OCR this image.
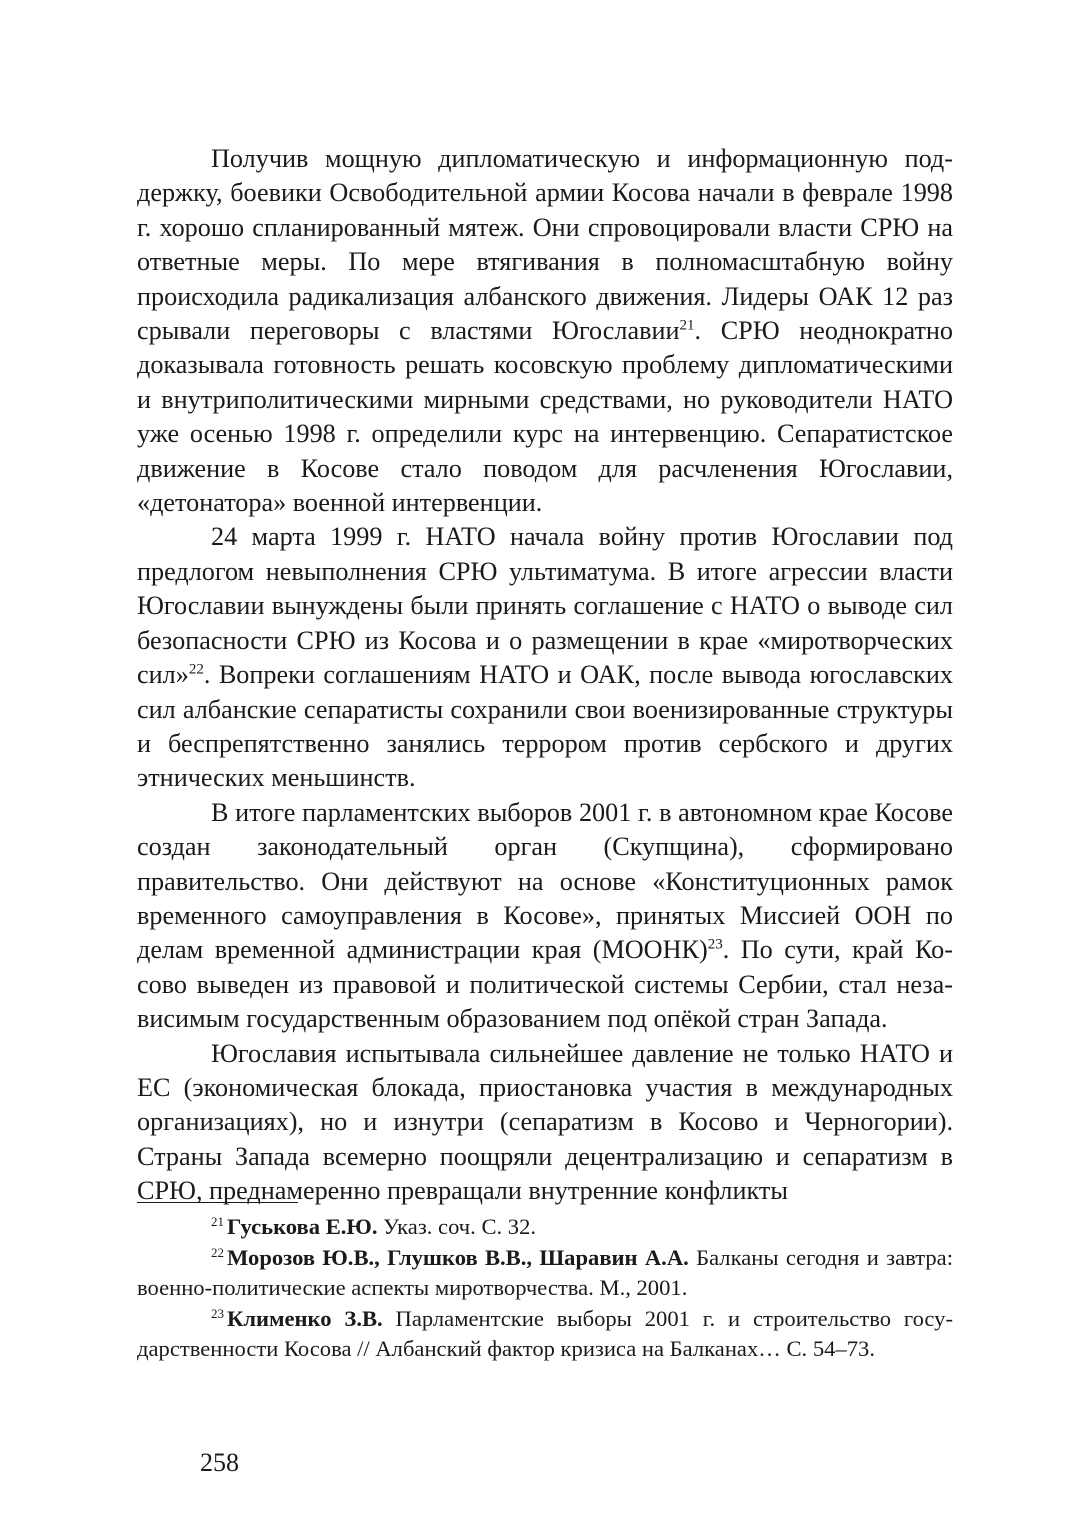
Получив мощную дипломатическую и информационную поддержку, боевики Освободительной армии Косова начали в феврале 1998 г. хорошо спланированный мятеж. Они спровоцировали власти СРЮ на ответные меры. По мере втягивания в полномасштабную войну происходила радикализация албанского движения. Лидеры ОАК 12 раз срывали переговоры с властями Югославии$^{21}$. СРЮ неоднократно доказывала готовность решать косовскую проблему дипломатическими и внутриполитическими мирными средствами, но руководители НАТО уже осенью 1998 г. определили курс на интервенцию. Сепаратистское движение в Косове стало поводом для расчленения Югославии, «детонатора» военной интервенции.

24 марта 1999 г. НАТО начала войну против Югославии под предлогом невыполнения СРЮ ультиматума. В итоге агрессии власти Югославии вынуждены были принять соглашение с НАТО о выводе сил безопасности СРЮ из Косова и о размещении в крае «миротворческих сил»$^{22}$. Вопреки соглашениям НАТО и ОАК, после вывода югославских сил албанские сепаратисты сохранили свои военизированные структуры и беспрепятственно занялись террором против сербского и других этнических меньшинств.

В итоге парламентских выборов 2001 г. в автономном крае Косове создан законодательный орган (Скупщина), сформировано правительство. Они действуют на основе «Конституционных рамок временного самоуправления в Косове», принятых Миссией ООН по делам временной администрации края (МООНК)$^{23}$. По сути, край Косово выведен из правовой и политической системы Сербии, стал независимым государственным образованием под опёкой стран Запада.

Югославия испытывала сильнейшее давление не только НАТО и ЕС (экономическая блокада, приостановка участия в международных организациях), но и изнутри (сепаратизм в Косово и Черногории). Страны Запада всемерно поощряли децентрализацию и сепаратизм в СРЮ, преднамеренно превращали внутренние конфликты

$^{21}$ Гуськова Е.Ю. Указ. соч. С. 32.

$^{22}$ Морозов Ю.В., Глушков В.В., Шаравин А.А. Балканы сегодня и завтра: военно-политические аспекты миротворчества. М., 2001.

$^{23}$ Клименко З.В. Парламентские выборы 2001 г. и строительство государственности Косова // Албанский фактор кризиса на Балканах… С. 54–73.

258
